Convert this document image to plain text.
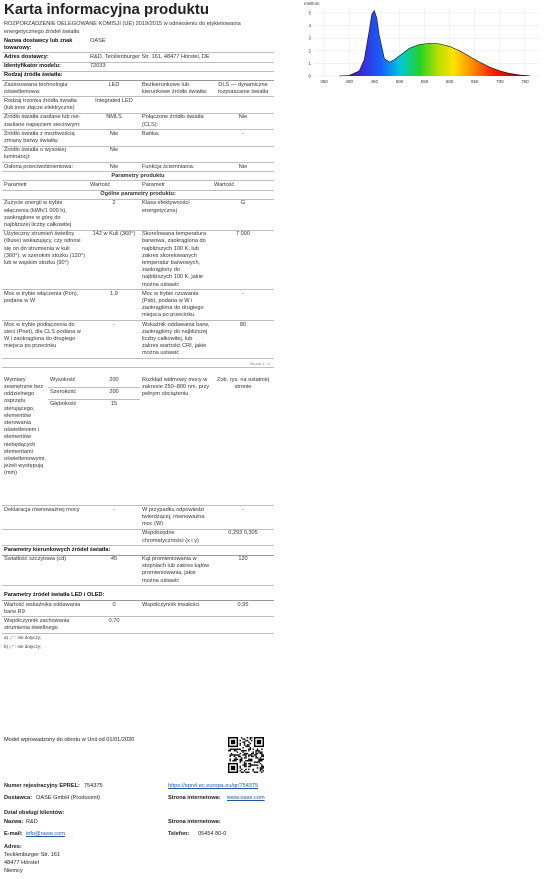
Karta informacyjna produktu
ROZPORZĄDZENIE DELEGOWANE KOMISJI (UE) 2019/2015 w odniesieniu do etykietowania energetycznego źródeł światła
350	400	450	500	550	600	650	700	750
0
1
2
3
4
5
mW/nm
Nazwa dostawcy lub znak towarowy:	OASE		
Adres dostawcy:	R&D, Tecklenburger Str. 161, 48477 Hörstel, DE		
Identyfikator modelu:	72033		
Rodzaj źródła światła:			
Zastosowana technologia oświetleniowa:	LED	Bezkierunkowe lub kierunkowe źródło światła:	DLS — dynamiczne rozpraszanie światła
Rodzaj trzonka źródła światła (lub inne złącze elektryczne)	Integrated LED		
Źródło światła zasilane lub nie-zasilane napięciem sieciowym:	NMLS	Połączone źródło światła (CLS):	Nie
Źródło światła z możliwością zmiany barwy światła:	Nie	Bańka:	-
Źródło światła o wysokiej luminancji:	Nie		
Osłona przeciwolśnieniowa:	Nie	Funkcja ściemniania:	Nie
Parametry produktu			
Parametr	Wartość	Parametr	Wartość
Ogólne parametry produktu:			
Zużycie energii w trybie włączenia (kWh/1 000 h), zaokrąglone w górę do najbliższej liczby całkowitej	2	Klasa efektywności energetycznej	G
Użyteczny strumień świetlny (Φuse) wskazujący, czy odnosi się on do strumienia w kuli (360°), w szerokim stożku (120°) lub w wąskim stożku (90°)	142 w Kuli (360°)	Skorelowana temperatura barwowa, zaokrąglona do najbliższych 100 K, lub zakres skorelowanych temperatur barwowych, zaokrąglony do najbliższych 100 K, jakie można ustawić	7 000
Moc w trybie włączenia (Pon), podana w W	1,9	Moc w trybie czuwania (Psb), podana w W i zaokrąglona do drugiego miejsca po przecinku	-
Moc w trybie podłączenia do sieci (Pnet), dla CLS podana w W i zaokrąglona do drugiego miejsca po przecinku	-	Wskaźnik oddawania barw, zaokrąglony do najbliższej liczby całkowitej, lub zakres wartości CRI, jakie można ustawić	80
Strona 1 / 4			
Wymiary zewnętrzne bez oddzielnego osprzętu sterującego, elementów sterowania oświetleniem i elementów niebędących elementami oświetleniowymi, jeżeli występują (mm)	Wysokość	200	Rozkład widmowy mocy w zakresie 250–800 nm, przy pełnym obciążeniu	Zob. rys. na ostatniej stronie
	Szerokość	200		
	Głębokość	15		
Deklaracja równoważnej mocy	-	W przypadku odpowiedzi twierdzącej, równoważna moc (W)	-
		Współrzędne chromatyczności (x i y)	0,293 0,305
Parametry kierunkowych źródeł światła:			
Światłość szczytowa (cd)	45	Kąt promieniowania w stopniach lub zakres kątów promieniowania, jakie można ustawić	120
Parametry źródeł światła LED i OLED:			
Wartość wskaźnika oddawania barw R9	0	Współczynnik trwałości	0,95
Współczynnik zachowania strumienia świetlnego	0,70		
a) „-” : nie dotyczy;			
b) „-” : nie dotyczy;			
Model wprowadzony do obrotu w Unii od 01/01/2020
Numer rejestracyjny EPREL: 754375	https://eprel.ec.europa.eu/qr/754375
Dostawca: OASE GmbH (Producent)	Strona internetowa: www.oase.com
Dział obsługi klientów:
Nazwa: R&D	Strona internetowa:
E-mail: info@oase.com	Telefon: 05454 80-0
Adres:
Tecklenburger Str. 161
48477 Hörstel
Niemcy
